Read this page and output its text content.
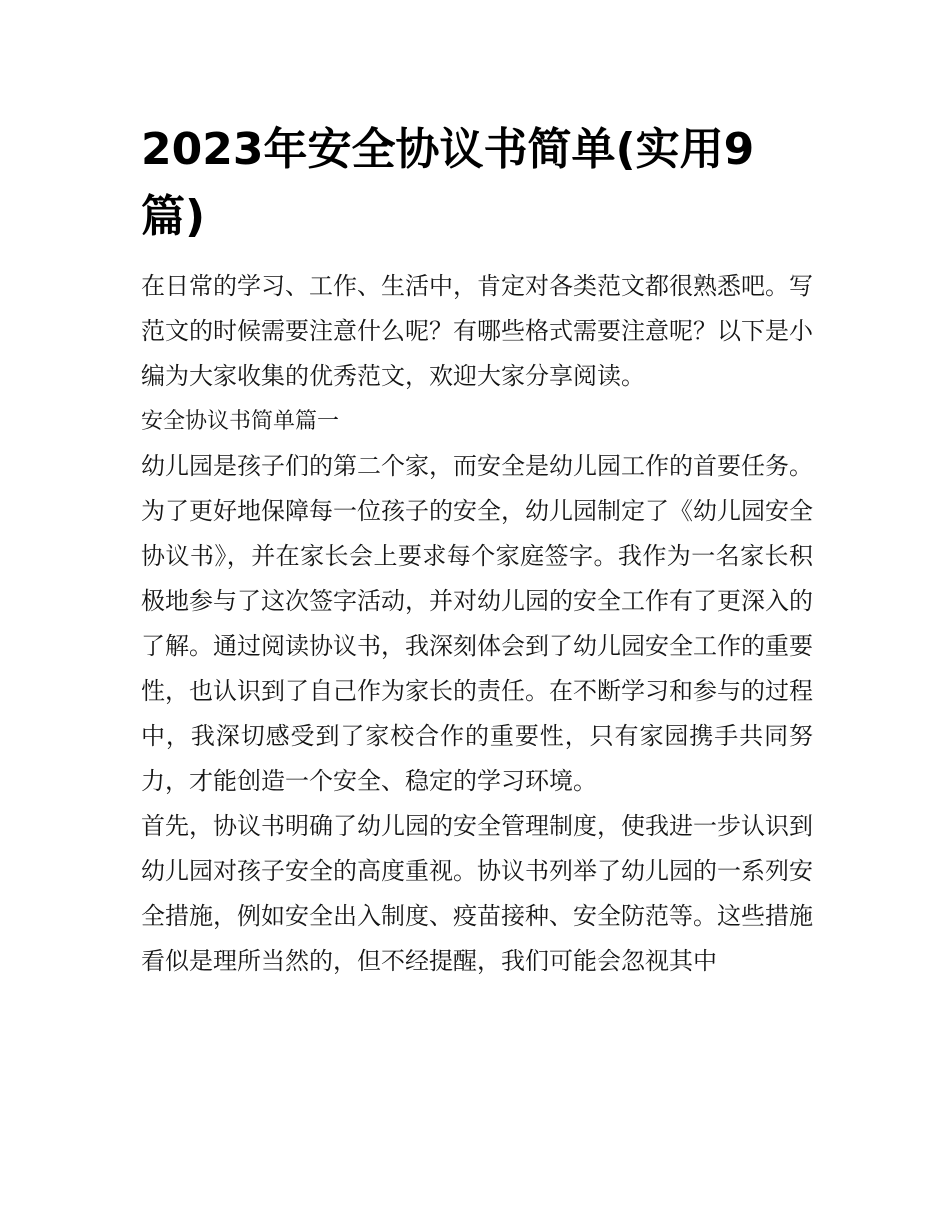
2023年安全协议书简单(实用9篇)

在日常的学习、工作、生活中，肯定对各类范文都很熟悉吧。写范文的时候需要注意什么呢？有哪些格式需要注意呢？以下是小编为大家收集的优秀范文，欢迎大家分享阅读。

安全协议书简单篇一

幼儿园是孩子们的第二个家，而安全是幼儿园工作的首要任务。为了更好地保障每一位孩子的安全，幼儿园制定了《幼儿园安全协议书》，并在家长会上要求每个家庭签字。我作为一名家长积极地参与了这次签字活动，并对幼儿园的安全工作有了更深入的了解。通过阅读协议书，我深刻体会到了幼儿园安全工作的重要性，也认识到了自己作为家长的责任。在不断学习和参与的过程中，我深切感受到了家校合作的重要性，只有家园携手共同努力，才能创造一个安全、稳定的学习环境。

首先，协议书明确了幼儿园的安全管理制度，使我进一步认识到幼儿园对孩子安全的高度重视。协议书列举了幼儿园的一系列安全措施，例如安全出入制度、疫苗接种、安全防范等。这些措施看似是理所当然的，但不经提醒，我们可能会忽视其中
